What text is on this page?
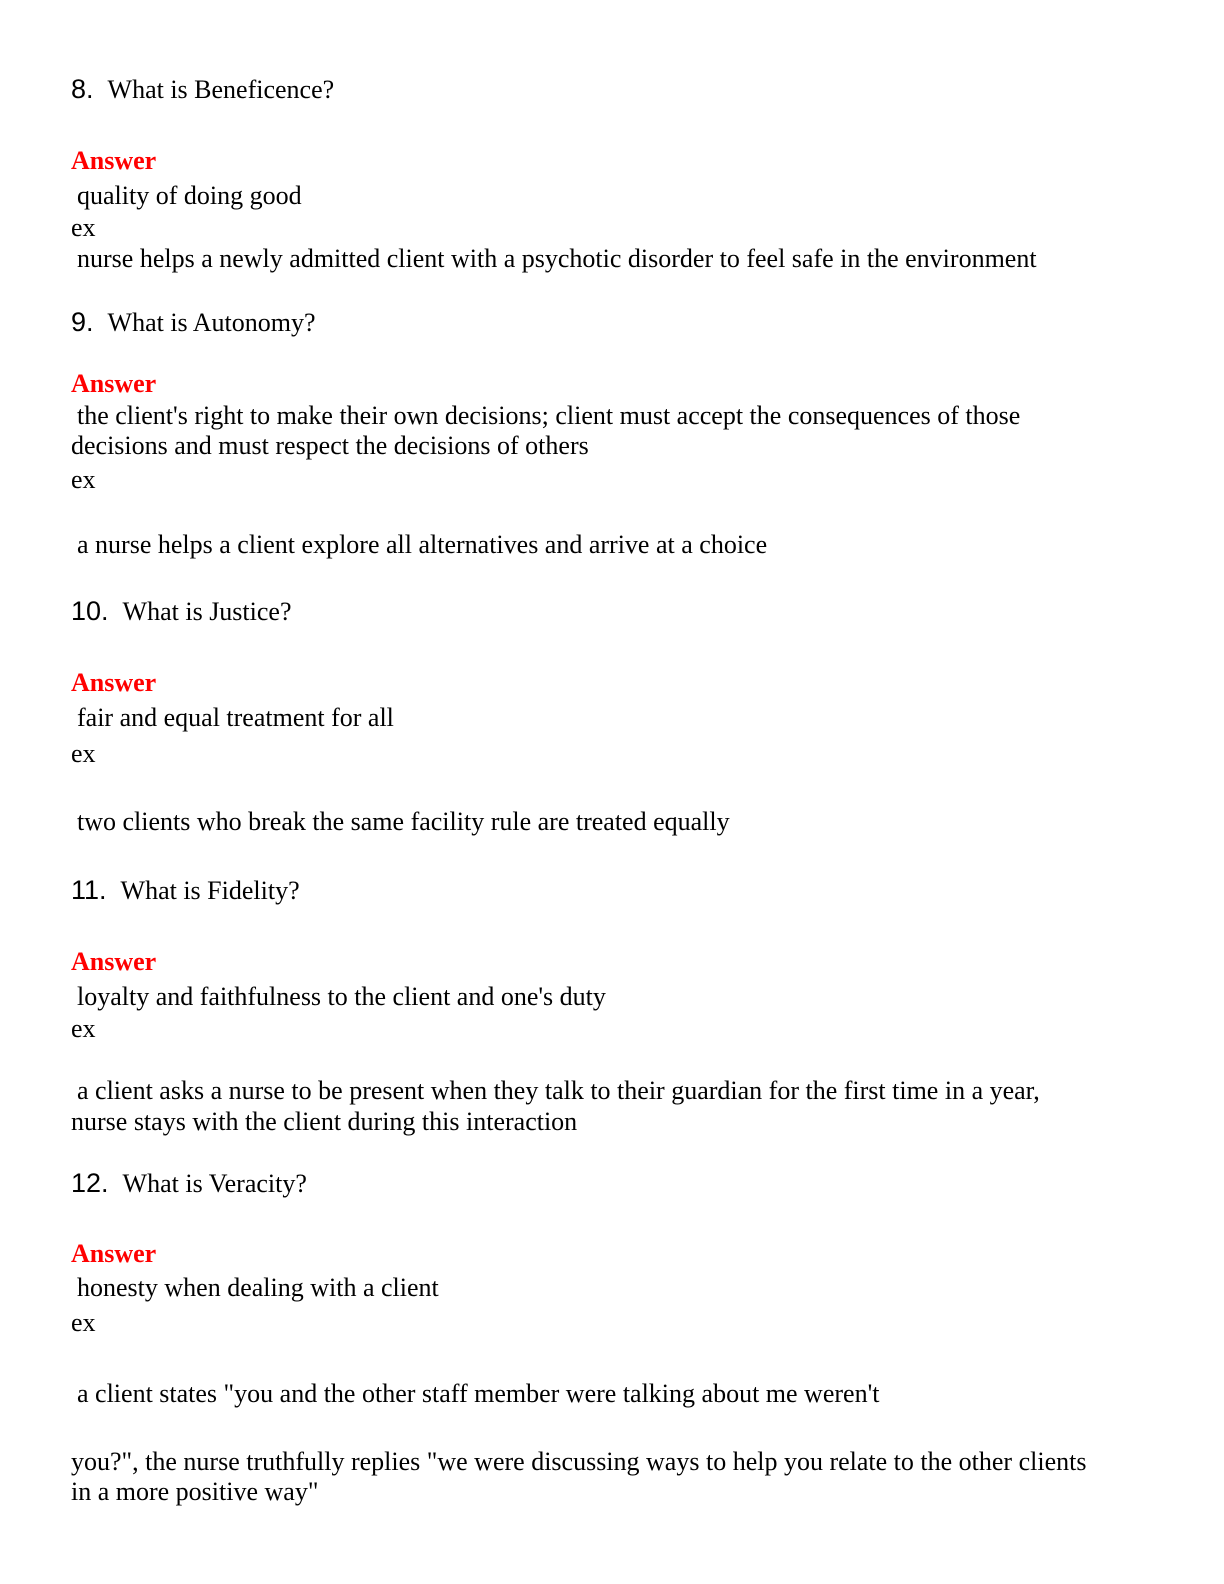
8. What is Beneficence?
Answer
quality of doing good
ex
nurse helps a newly admitted client with a psychotic disorder to feel safe in the environment
9. What is Autonomy?
Answer
the client's right to make their own decisions; client must accept the consequences of those
decisions and must respect the decisions of others
ex
a nurse helps a client explore all alternatives and arrive at a choice
10. What is Justice?
Answer
fair and equal treatment for all
ex
two clients who break the same facility rule are treated equally
11. What is Fidelity?
Answer
loyalty and faithfulness to the client and one's duty
ex
a client asks a nurse to be present when they talk to their guardian for the first time in a year,
nurse stays with the client during this interaction
12. What is Veracity?
Answer
honesty when dealing with a client
ex
a client states "you and the other staff member were talking about me weren't
you?", the nurse truthfully replies "we were discussing ways to help you relate to the other clients
in a more positive way"
